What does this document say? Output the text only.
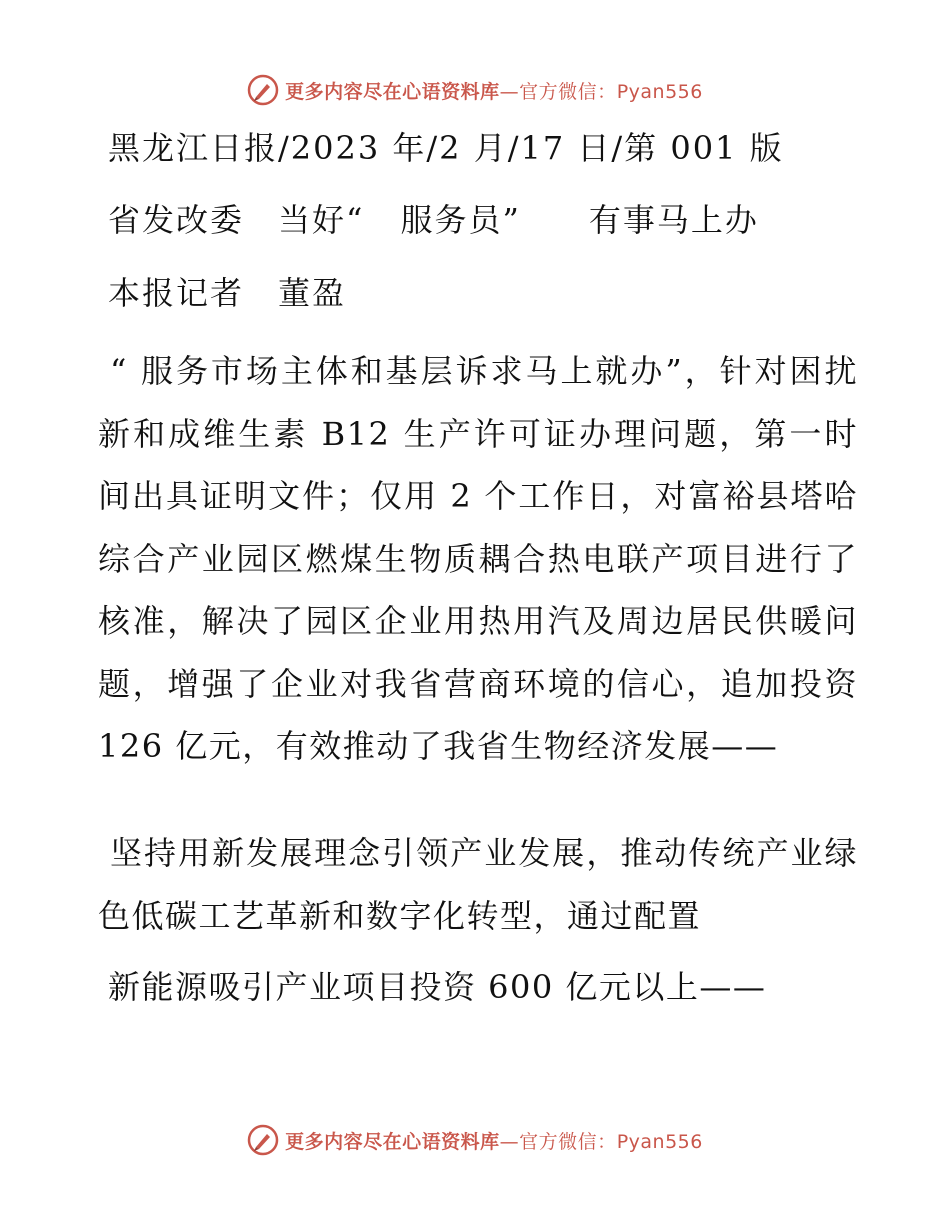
更多内容尽在心语资料库—官方微信：Pyan556
黑龙江日报/2023 年/2 月/17 日/第 001 版
省发改委　当好“ 服务员”　　有事马上办
本报记者　董盈
“ 服务市场主体和基层诉求马上就办”，针对困扰新和成维生素 B12 生产许可证办理问题，第一时间出具证明文件；仅用 2 个工作日，对富裕县塔哈综合产业园区燃煤生物质耦合热电联产项目进行了核准，解决了园区企业用热用汽及周边居民供暖问题，增强了企业对我省营商环境的信心，追加投资 126 亿元，有效推动了我省生物经济发展——
坚持用新发展理念引领产业发展，推动传统产业绿色低碳工艺革新和数字化转型，通过配置
新能源吸引产业项目投资 600 亿元以上——
更多内容尽在心语资料库—官方微信：Pyan556
